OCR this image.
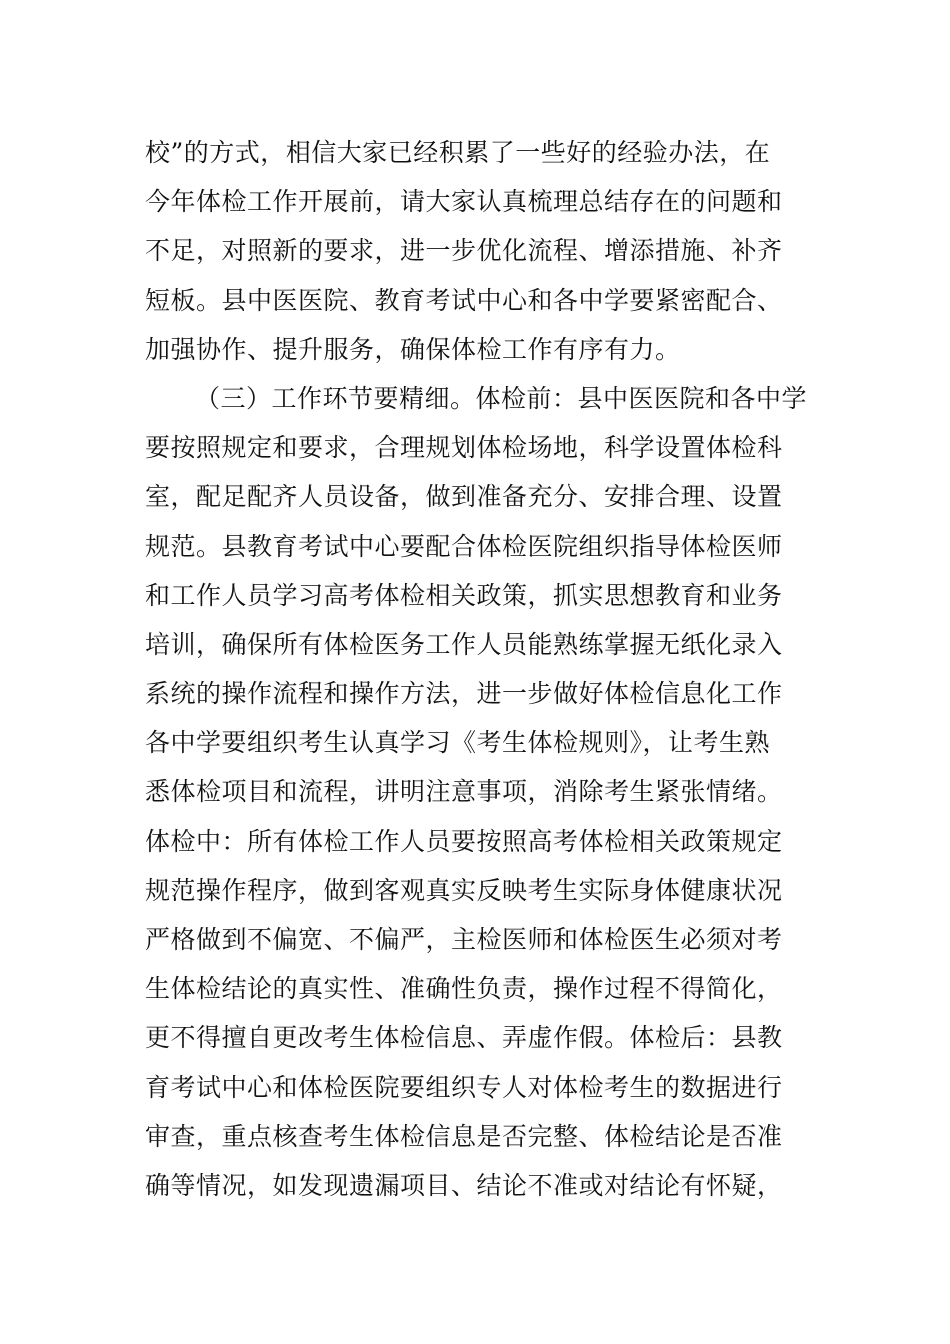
校”的方式，相信大家已经积累了一些好的经验办法，在
今年体检工作开展前，请大家认真梳理总结存在的问题和
不足，对照新的要求，进一步优化流程、增添措施、补齐
短板。县中医医院、教育考试中心和各中学要紧密配合、
加强协作、提升服务，确保体检工作有序有力。
（三）工作环节要精细。体检前：县中医医院和各中学
要按照规定和要求，合理规划体检场地，科学设置体检科
室，配足配齐人员设备，做到准备充分、安排合理、设置
规范。县教育考试中心要配合体检医院组织指导体检医师
和工作人员学习高考体检相关政策，抓实思想教育和业务
培训，确保所有体检医务工作人员能熟练掌握无纸化录入
系统的操作流程和操作方法，进一步做好体检信息化工作
各中学要组织考生认真学习《考生体检规则》，让考生熟
悉体检项目和流程，讲明注意事项，消除考生紧张情绪。
体检中：所有体检工作人员要按照高考体检相关政策规定
规范操作程序，做到客观真实反映考生实际身体健康状况
严格做到不偏宽、不偏严，主检医师和体检医生必须对考
生体检结论的真实性、准确性负责，操作过程不得简化，
更不得擅自更改考生体检信息、弄虚作假。体检后：县教
育考试中心和体检医院要组织专人对体检考生的数据进行
审查，重点核查考生体检信息是否完整、体检结论是否准
确等情况，如发现遗漏项目、结论不准或对结论有怀疑，
